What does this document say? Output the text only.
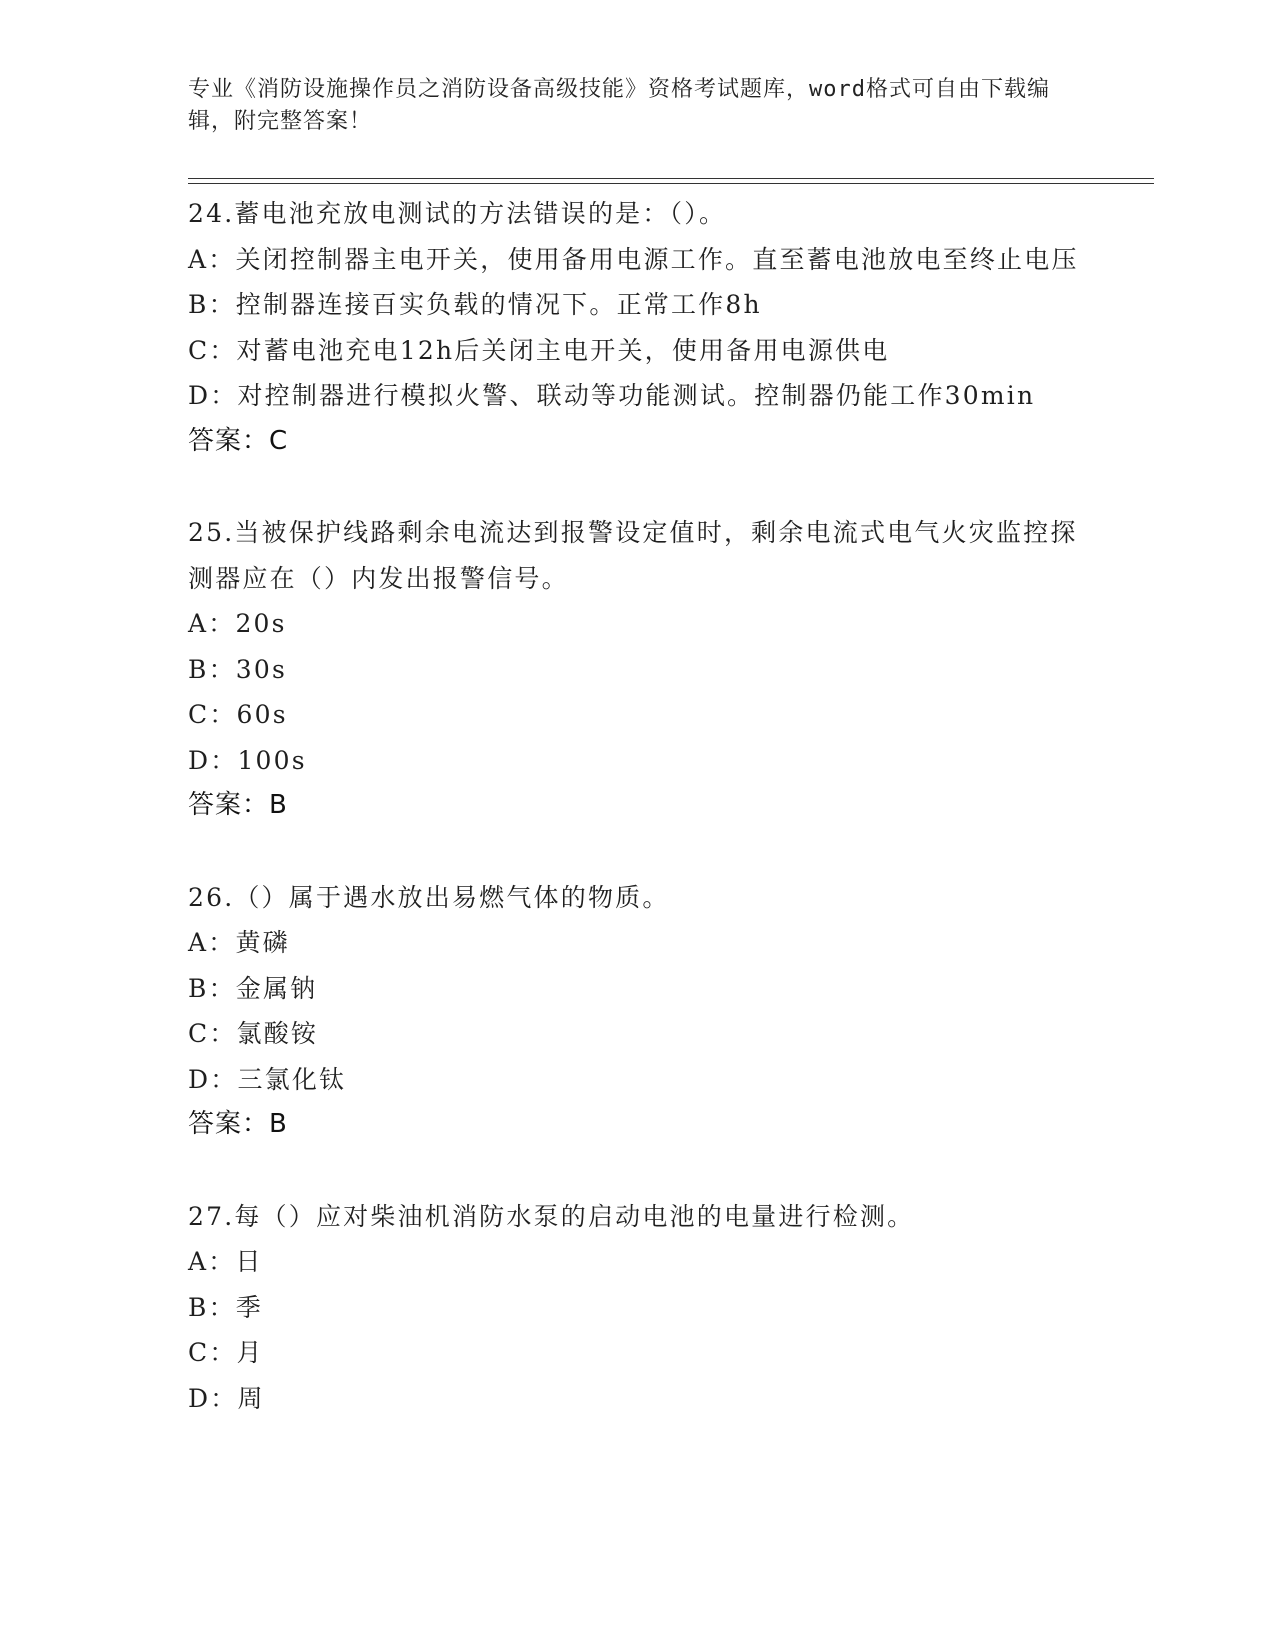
专业《消防设施操作员之消防设备高级技能》资格考试题库，word格式可自由下载编辑，附完整答案！

24.蓄电池充放电测试的方法错误的是：（）。

A：关闭控制器主电开关，使用备用电源工作。直至蓄电池放电至终止电压

B：控制器连接百实负载的情况下。正常工作8h

C：对蓄电池充电12h后关闭主电开关，使用备用电源供电

D：对控制器进行模拟火警、联动等功能测试。控制器仍能工作30min

答案：C

25.当被保护线路剩余电流达到报警设定值时，剩余电流式电气火灾监控探测器应在（）内发出报警信号。

A：20s

B：30s

C：60s

D：100s

答案：B

26.（）属于遇水放出易燃气体的物质。

A：黄磷

B：金属钠

C：氯酸铵

D：三氯化钛

答案：B

27.每（）应对柴油机消防水泵的启动电池的电量进行检测。

A：日

B：季

C：月

D：周
